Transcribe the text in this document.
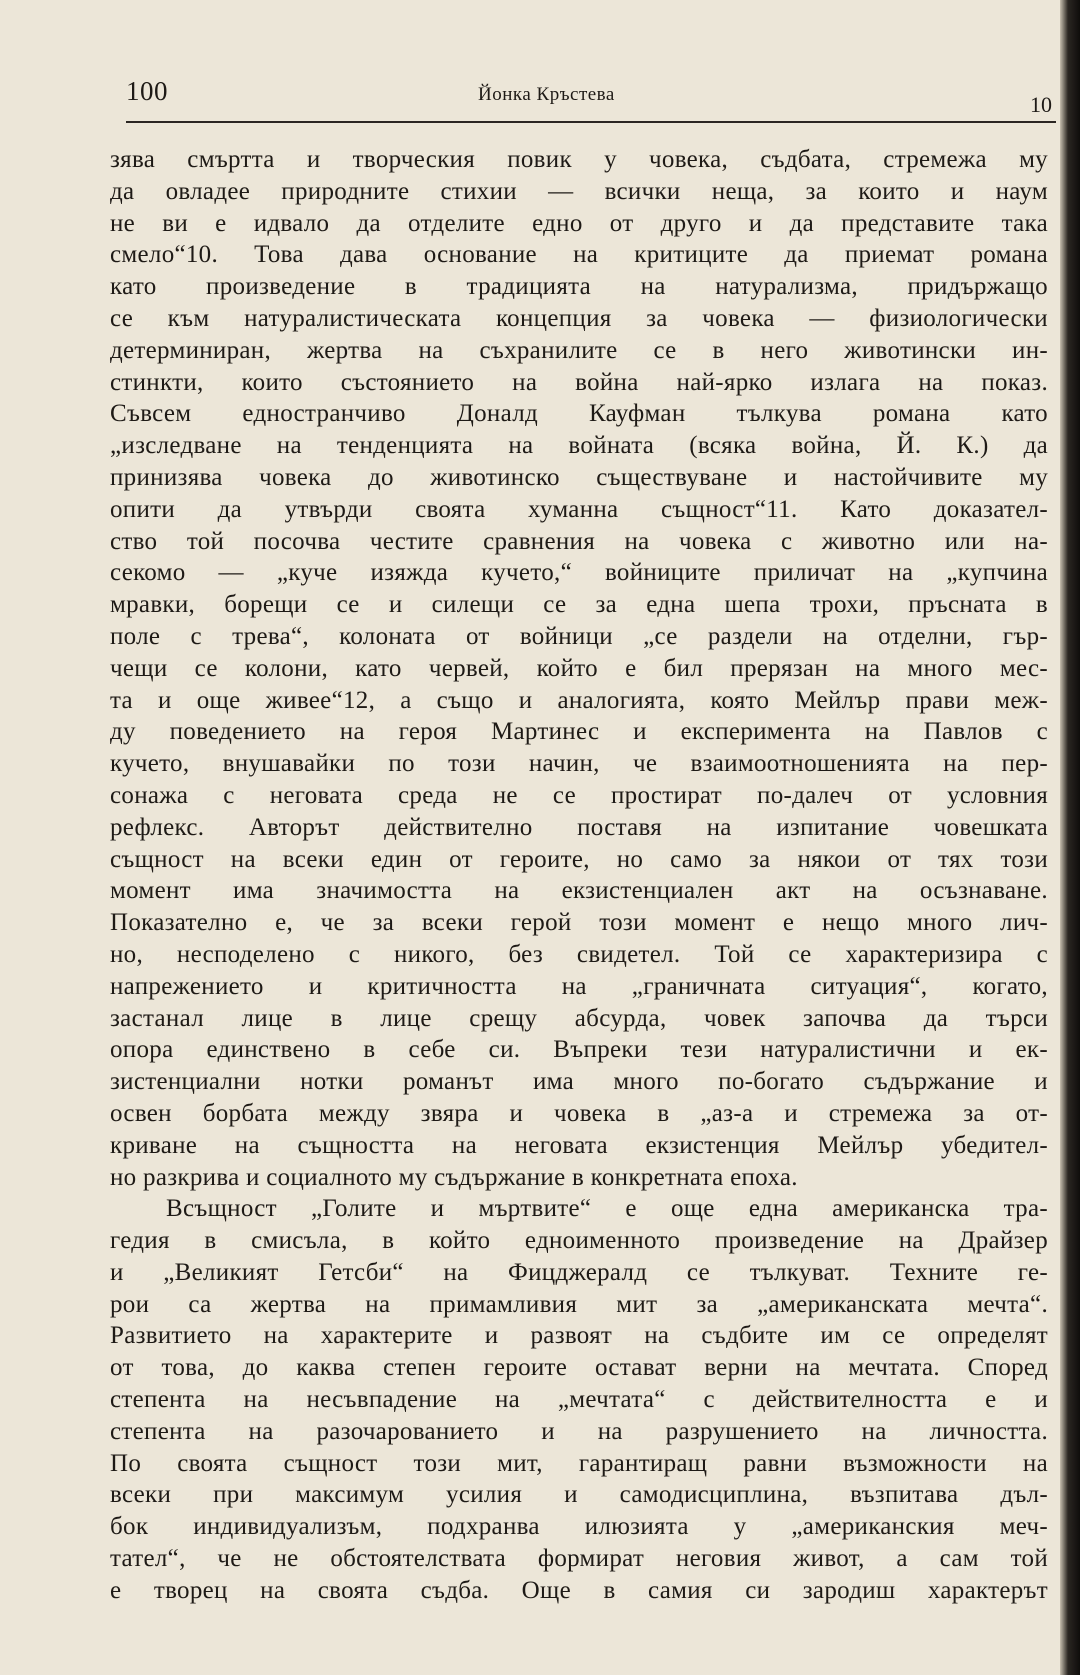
100	Йонка Кръстева	10
зява смъртта и творческия повик у човека, съдбата, стремежа му
да овладее природните стихии — всички неща, за които и наум
не ви е идвало да отделите едно от друго и да представите така
смело“10. Това дава основание на критиците да приемат романа
като произведение в традицията на натурализма, придържащо
се към натуралистическата концепция за човека — физиологически
детерминиран, жертва на съхранилите се в него животински ин-
стинкти, които състоянието на война най-ярко излага на показ.
Съвсем едностранчиво Доналд Кауфман тълкува романа като
„изследване на тенденцията на войната (всяка война, Й. К.) да
принизява човека до животинско съществуване и настойчивите му
опити да утвърди своята хуманна същност“11. Като доказател-
ство той посочва честите сравнения на човека с животно или на-
секомо — „куче изяжда кучето,“ войниците приличат на „купчина
мравки, борещи се и силещи се за една шепа трохи, пръсната в
поле с трева“, колоната от войници „се раздели на отделни, гър-
чещи се колони, като червей, който е бил прерязан на много мес-
та и още живее“12, а също и аналогията, която Мейлър прави меж-
ду поведението на героя Мартинес и експеримента на Павлов с
кучето, внушавайки по този начин, че взаимоотношенията на пер-
сонажа с неговата среда не се простират по-далеч от условния
рефлекс. Авторът действително поставя на изпитание човешката
същност на всеки един от героите, но само за някои от тях този
момент има значимостта на екзистенциален акт на осъзнаване.
Показателно е, че за всеки герой този момент е нещо много лич-
но, несподелено с никого, без свидетел. Той се характеризира с
напрежението и критичността на „граничната ситуация“, когато,
застанал лице в лице срещу абсурда, човек започва да търси
опора единствено в себе си. Въпреки тези натуралистични и ек-
зистенциални нотки романът има много по-богато съдържание и
освен борбата между звяра и човека в „аз-а и стремежа за от-
криване на същността на неговата екзистенция Мейлър убедител-
но разкрива и социалното му съдържание в конкретната епоха.
Всъщност „Голите и мъртвите“ е още една американска тра-
гедия в смисъла, в който едноименното произведение на Драйзер
и „Великият Гетсби“ на Фицджералд се тълкуват. Техните ге-
рои са жертва на примамливия мит за „американската мечта“.
Развитието на характерите и развоят на съдбите им се определят
от това, до каква степен героите остават верни на мечтата. Според
степента на несъвпадение на „мечтата“ с действителността е и
степента на разочарованието и на разрушението на личността.
По своята същност този мит, гарантиращ равни възможности на
всеки при максимум усилия и самодисциплина, възпитава дъл-
бок индивидуализъм, подхранва илюзията у „американския меч-
тател“, че не обстоятелствата формират неговия живот, а сам той
е творец на своята съдба. Още в самия си зародиш характерът
